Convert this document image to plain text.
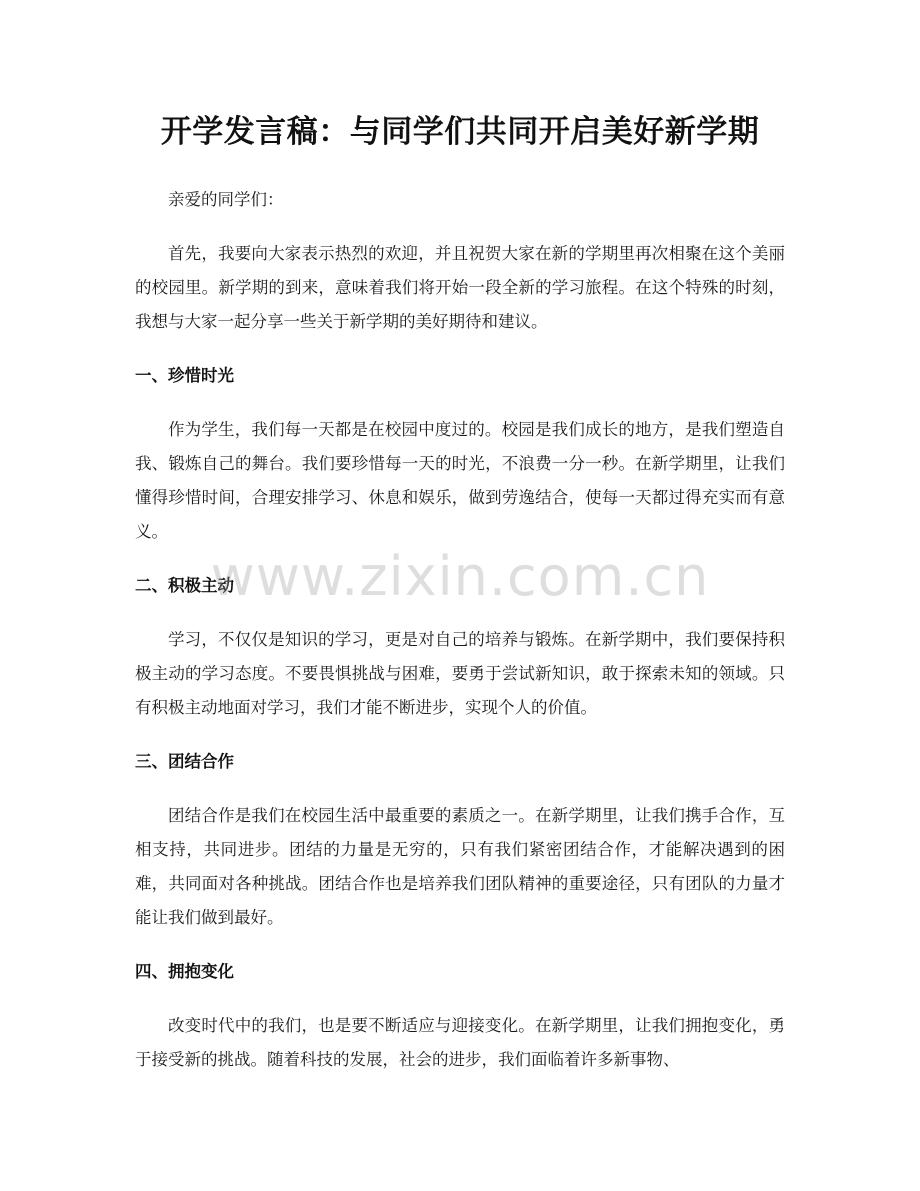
开学发言稿：与同学们共同开启美好新学期

亲爱的同学们：

首先，我要向大家表示热烈的欢迎，并且祝贺大家在新的学期里再次相聚在这个美丽的校园里。新学期的到来，意味着我们将开始一段全新的学习旅程。在这个特殊的时刻，我想与大家一起分享一些关于新学期的美好期待和建议。

一、珍惜时光

作为学生，我们每一天都是在校园中度过的。校园是我们成长的地方，是我们塑造自我、锻炼自己的舞台。我们要珍惜每一天的时光，不浪费一分一秒。在新学期里，让我们懂得珍惜时间，合理安排学习、休息和娱乐，做到劳逸结合，使每一天都过得充实而有意义。

二、积极主动

学习，不仅仅是知识的学习，更是对自己的培养与锻炼。在新学期中，我们要保持积极主动的学习态度。不要畏惧挑战与困难，要勇于尝试新知识，敢于探索未知的领域。只有积极主动地面对学习，我们才能不断进步，实现个人的价值。

三、团结合作

团结合作是我们在校园生活中最重要的素质之一。在新学期里，让我们携手合作，互相支持，共同进步。团结的力量是无穷的，只有我们紧密团结合作，才能解决遇到的困难，共同面对各种挑战。团结合作也是培养我们团队精神的重要途径，只有团队的力量才能让我们做到最好。

四、拥抱变化

改变时代中的我们，也是要不断适应与迎接变化。在新学期里，让我们拥抱变化，勇于接受新的挑战。随着科技的发展，社会的进步，我们面临着许多新事物、

www.zixin.com.cn
